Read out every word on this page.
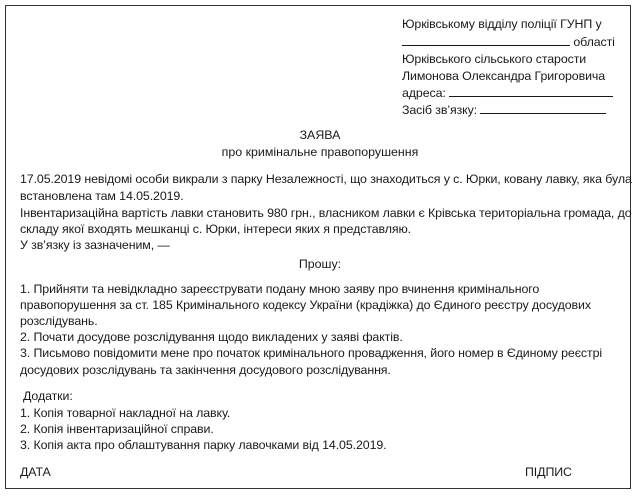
Юрківському відділу поліції ГУНП у
області
Юрківського сільського старости
Лимонова Олександра Григоровича
адреса:
Засіб зв’язку:
ЗАЯВА
про кримінальне правопорушення
17.05.2019 невідомі особи викрали з парку Незалежності, що знаходиться у с. Юрки, ковану лавку, яка була
встановлена там 14.05.2019.
Інвентаризаційна вартість лавки становить 980 грн., власником лавки є Крівська територіальна громада, до
складу якої входять мешканці с. Юрки, інтереси яких я представляю.
У зв’язку із зазначеним, —
Прошу:
1. Прийняти та невідкладно зареєструвати подану мною заяву про вчинення кримінального
правопорушення за ст. 185 Кримінального кодексу України (крадіжка) до Єдиного реєстру досудових
розслідувань.
2. Почати досудове розслідування щодо викладених у заяві фактів.
3. Письмово повідомити мене про початок кримінального провадження, його номер в Єдиному реєстрі
досудових розслідувань та закінчення досудового розслідування.
Додатки:
1. Копія товарної накладної на лавку.
2. Копія інвентаризаційної справи.
3. Копія акта про облаштування парку лавочками від 14.05.2019.
ДАТА	ПІДПИС
